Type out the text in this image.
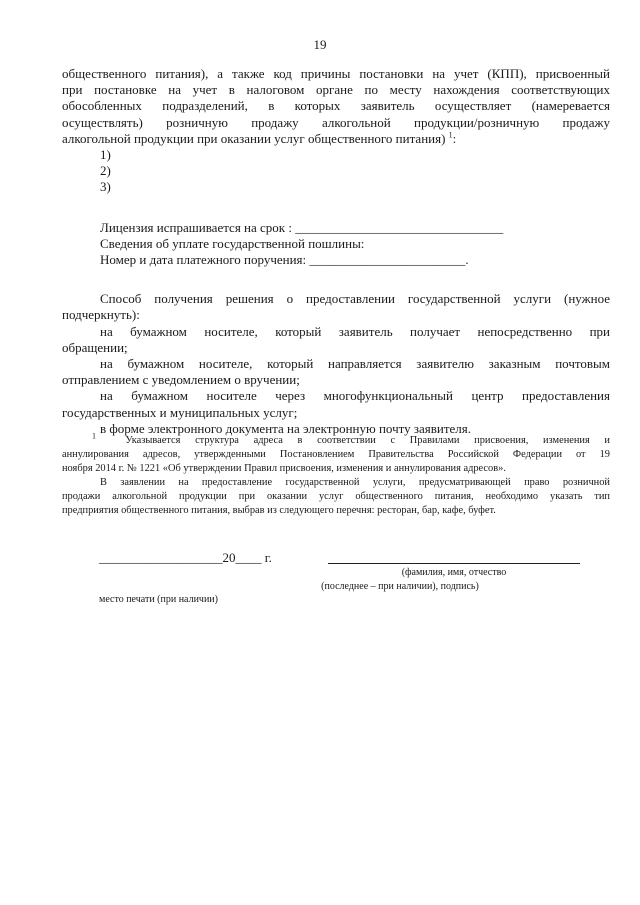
19
общественного питания), а также код причины постановки на учет (КПП), присвоенный
при постановке на учет в налоговом органе по месту нахождения соответствующих
обособленных подразделений, в которых заявитель осуществляет (намеревается
осуществлять) розничную продажу алкогольной продукции/розничную продажу
алкогольной продукции при оказании услуг общественного питания) $^1$:
1)
2)
3)
Лицензия испрашивается на срок : ________________________________
Сведения об уплате государственной пошлины:
Номер и дата платежного поручения: ________________________.
Способ получения решения о предоставлении государственной услуги (нужное
подчеркнуть):
на бумажном носителе, который заявитель получает непосредственно при
обращении;
на бумажном носителе, который направляется заявителю заказным почтовым
отправлением с уведомлением о вручении;
на бумажном носителе через многофункциональный центр предоставления
государственных и муниципальных услуг;
в форме электронного документа на электронную почту заявителя.
$^1$	Указывается структура адреса в соответствии с Правилами присвоения, изменения и
аннулирования адресов, утвержденными Постановлением Правительства Российской Федерации от 19
ноября 2014 г. № 1221 «Об утверждении Правил присвоения, изменения и аннулирования адресов».
В заявлении на предоставление государственной услуги, предусматривающей право розничной
продажи алкогольной продукции при оказании услуг общественного питания, необходимо указать тип
предприятия общественного питания, выбрав из следующего перечня: ресторан, бар, кафе, буфет.
___________________20____ г.
(фамилия, имя, отчество
(последнее – при наличии), подпись)
место печати (при наличии)
